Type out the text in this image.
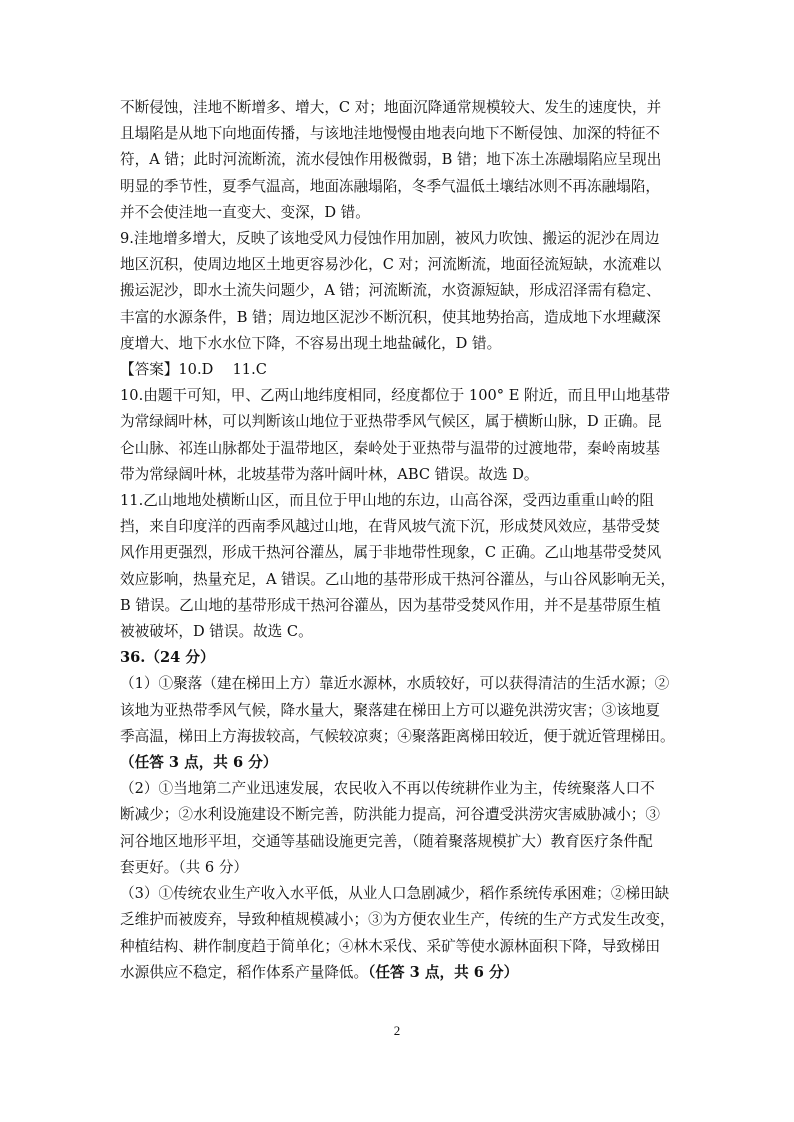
不断侵蚀，洼地不断增多、增大，C 对；地面沉降通常规模较大、发生的速度快，并
且塌陷是从地下向地面传播，与该地洼地慢慢由地表向地下不断侵蚀、加深的特征不
符，A 错；此时河流断流，流水侵蚀作用极微弱，B 错；地下冻土冻融塌陷应呈现出
明显的季节性，夏季气温高，地面冻融塌陷，冬季气温低土壤结冰则不再冻融塌陷，
并不会使洼地一直变大、变深，D 错。

9.洼地增多增大，反映了该地受风力侵蚀作用加剧，被风力吹蚀、搬运的泥沙在周边
地区沉积，使周边地区土地更容易沙化，C 对；河流断流，地面径流短缺，水流难以
搬运泥沙，即水土流失问题少，A 错；河流断流，水资源短缺，形成沼泽需有稳定、
丰富的水源条件，B 错；周边地区泥沙不断沉积，使其地势抬高，造成地下水埋藏深
度增大、地下水水位下降，不容易出现土地盐碱化，D 错。

【答案】10.D　 11.C

10.由题干可知，甲、乙两山地纬度相同，经度都位于 100° E 附近，而且甲山地基带
为常绿阔叶林，可以判断该山地位于亚热带季风气候区，属于横断山脉，D 正确。昆
仑山脉、祁连山脉都处于温带地区，秦岭处于亚热带与温带的过渡地带，秦岭南坡基
带为常绿阔叶林，北坡基带为落叶阔叶林，ABC 错误。故选 D。

11.乙山地地处横断山区，而且位于甲山地的东边，山高谷深，受西边重重山岭的阻
挡，来自印度洋的西南季风越过山地，在背风坡气流下沉，形成焚风效应，基带受焚
风作用更强烈，形成干热河谷灌丛，属于非地带性现象，C 正确。乙山地基带受焚风
效应影响，热量充足，A 错误。乙山地的基带形成干热河谷灌丛，与山谷风影响无关，
B 错误。乙山地的基带形成干热河谷灌丛，因为基带受焚风作用，并不是基带原生植
被被破坏，D 错误。故选 C。

36.（24 分）

（1）①聚落（建在梯田上方）靠近水源林，水质较好，可以获得清洁的生活水源；②
该地为亚热带季风气候，降水量大，聚落建在梯田上方可以避免洪涝灾害；③该地夏
季高温，梯田上方海拔较高，气候较凉爽；④聚落距离梯田较近，便于就近管理梯田。
（任答 3 点，共 6 分）

（2）①当地第二产业迅速发展，农民收入不再以传统耕作业为主，传统聚落人口不
断减少；②水利设施建设不断完善，防洪能力提高，河谷遭受洪涝灾害威胁减小；③
河谷地区地形平坦，交通等基础设施更完善，（随着聚落规模扩大）教育医疗条件配
套更好。（共 6 分）

（3）①传统农业生产收入水平低，从业人口急剧减少，稻作系统传承困难；②梯田缺
乏维护而被废弃，导致种植规模减小；③为方便农业生产，传统的生产方式发生改变，
种植结构、耕作制度趋于简单化；④林木采伐、采矿等使水源林面积下降，导致梯田
水源供应不稳定，稻作体系产量降低。（任答 3 点，共 6 分）

2
